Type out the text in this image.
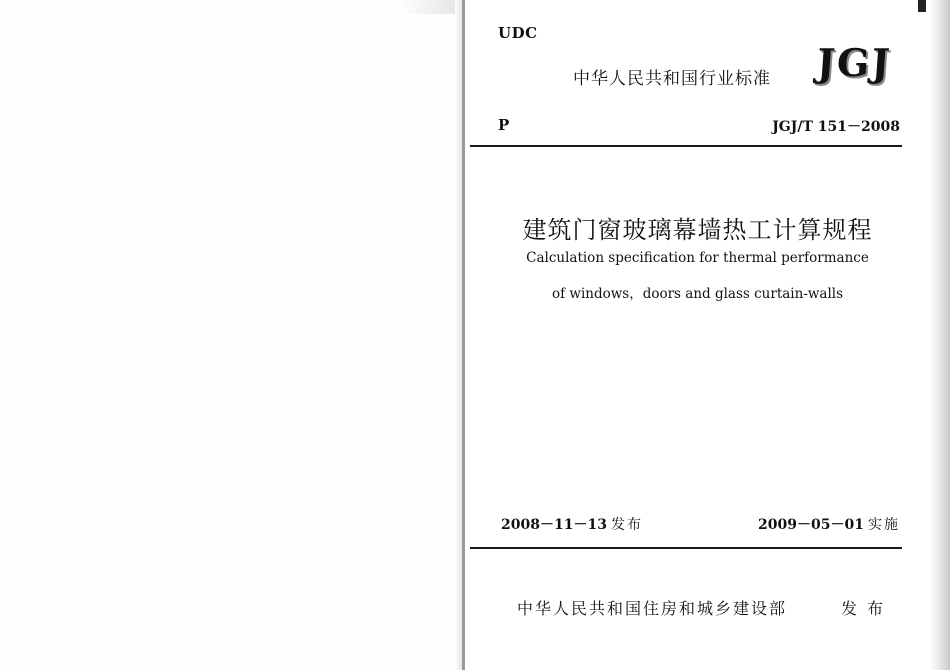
UDC
中华人民共和国行业标准 JGJ
P	JGJ/T 151－2008
建筑门窗玻璃幕墙热工计算规程
Calculation specification for thermal performance
of windows，doors and glass curtain-walls
2008－11－13 发布	2009－05－01 实施
中华人民共和国住房和城乡建设部	发布
